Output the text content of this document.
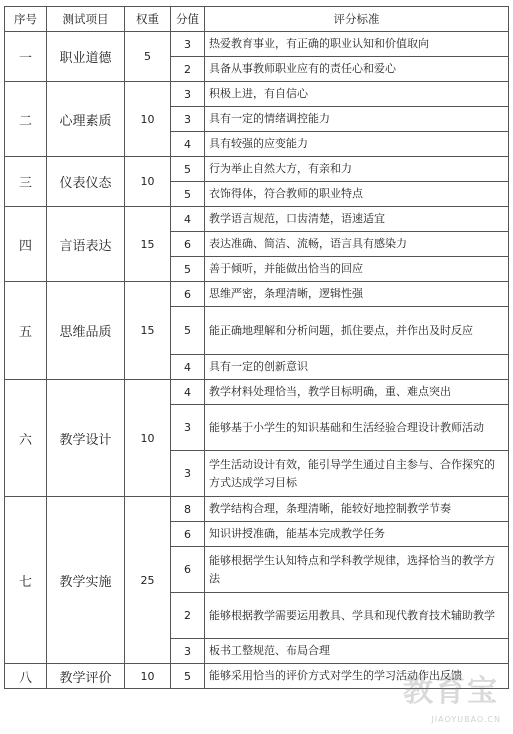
序号	测试项目	权重	分值	评分标准
一	职业道德	5	3	热爱教育事业，有正确的职业认知和价值取向
			2	具备从事教师职业应有的责任心和爱心
二	心理素质	10	3	积极上进，有自信心
			3	具有一定的情绪调控能力
			4	具有较强的应变能力
三	仪表仪态	10	5	行为举止自然大方，有亲和力
			5	衣饰得体，符合教师的职业特点
四	言语表达	15	4	教学语言规范，口齿清楚，语速适宜
			6	表达准确、简洁、流畅，语言具有感染力
			5	善于倾听，并能做出恰当的回应
五	思维品质	15	6	思维严密，条理清晰，逻辑性强
			5	能正确地理解和分析问题，抓住要点，并作出及时反应
			4	具有一定的创新意识
六	教学设计	10	4	教学材料处理恰当，教学目标明确，重、难点突出
			3	能够基于小学生的知识基础和生活经验合理设计教师活动
			3	学生活动设计有效，能引导学生通过自主参与、合作探究的方式达成学习目标
七	教学实施	25	8	教学结构合理，条理清晰，能较好地控制教学节奏
			6	知识讲授准确，能基本完成教学任务
			6	能够根据学生认知特点和学科教学规律，选择恰当的教学方法
			2	能够根据教学需要运用教具、学具和现代教育技术辅助教学
			3	板书工整规范、布局合理
八	教学评价	10	5	能够采用恰当的评价方式对学生的学习活动作出反馈
教育宝
JIAOYUBAO.CN
